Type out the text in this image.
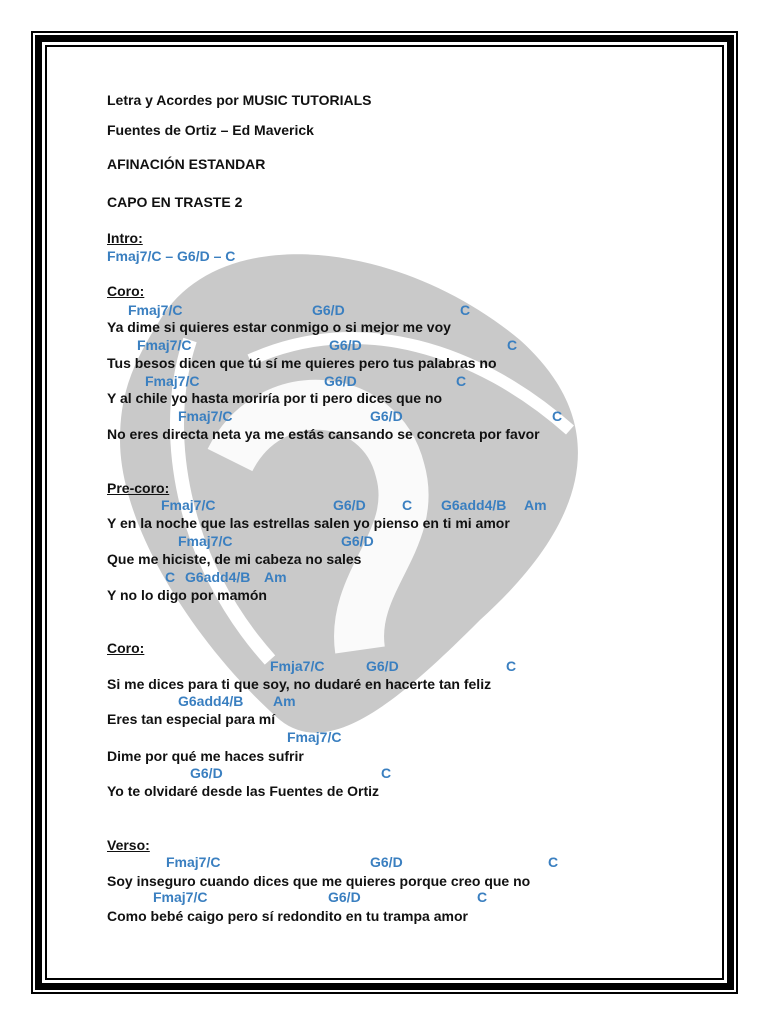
Letra y Acordes por MUSIC TUTORIALS
Fuentes de Ortiz – Ed Maverick
AFINACIÓN ESTANDAR
CAPO EN TRASTE 2
Intro:
Fmaj7/C – G6/D – C
Coro:
Fmaj7/C	G6/D	C
Ya dime si quieres estar conmigo o si mejor me voy
Fmaj7/C	G6/D	C
Tus besos dicen que tú sí me quieres pero tus palabras no
Fmaj7/C	G6/D	C
Y al chile yo hasta moriría por ti pero dices que no
Fmaj7/C	G6/D	C
No eres directa neta ya me estás cansando se concreta por favor
Pre-coro:
Fmaj7/C	G6/D	C G6add4/B Am
Y en la noche que las estrellas salen yo pienso en ti mi amor
Fmaj7/C	G6/D
Que me hiciste, de mi cabeza no sales
C G6add4/B Am
Y no lo digo por mamón
Coro:
Fmja7/C	G6/D	C
Si me dices para ti que soy, no dudaré en hacerte tan feliz
G6add4/B Am
Eres tan especial para mí
Fmaj7/C
Dime por qué me haces sufrir
G6/D	C
Yo te olvidaré desde las Fuentes de Ortiz
Verso:
Fmaj7/C	G6/D	C
Soy inseguro cuando dices que me quieres porque creo que no
Fmaj7/C	G6/D	C
Como bebé caigo pero sí redondito en tu trampa amor
